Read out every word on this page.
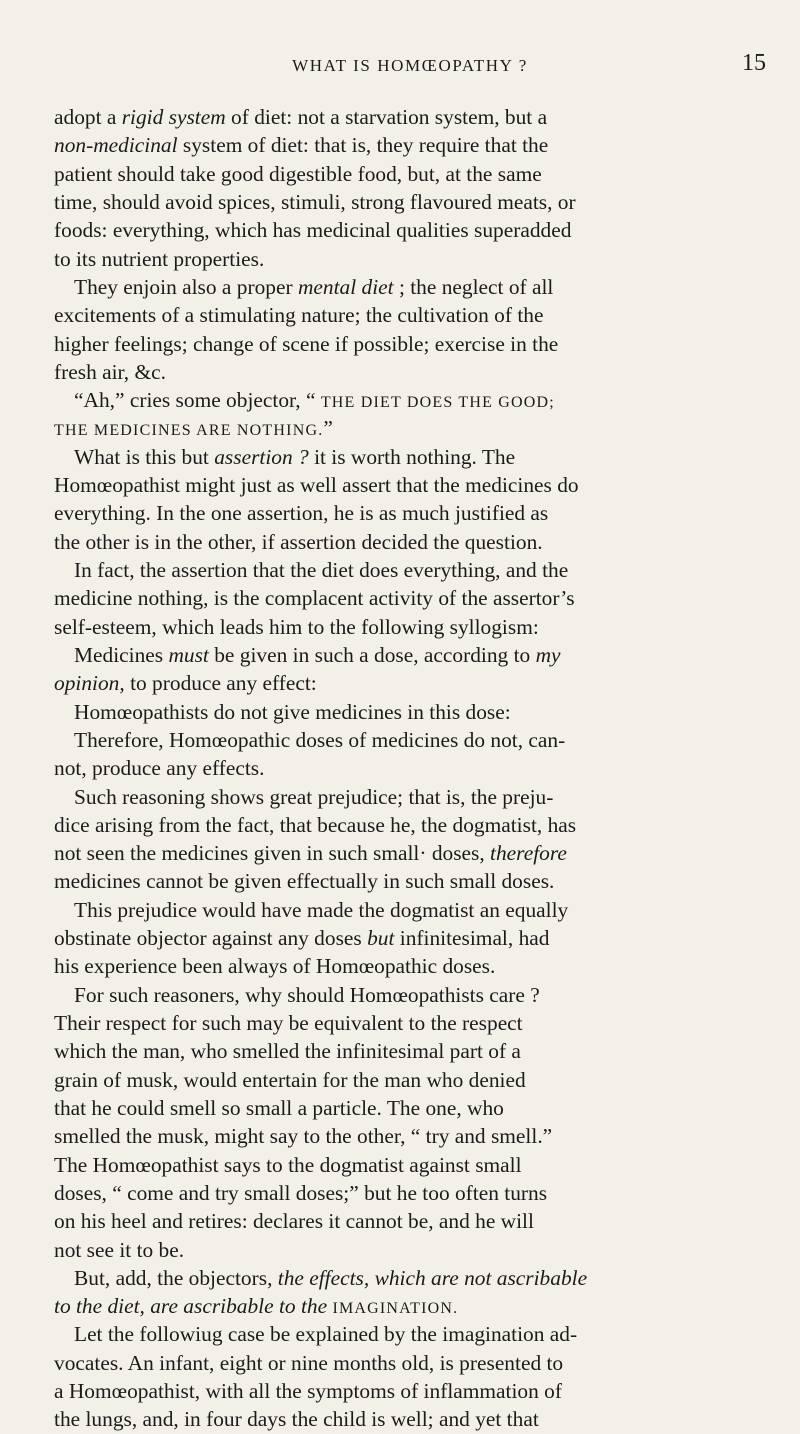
WHAT IS HOMŒOPATHY ?	15
adopt a rigid system of diet: not a starvation system, but a
non-medicinal system of diet: that is, they require that the
patient should take good digestible food, but, at the same
time, should avoid spices, stimuli, strong flavoured meats, or
foods: everything, which has medicinal qualities superadded
to its nutrient properties.
They enjoin also a proper mental diet ; the neglect of all
excitements of a stimulating nature; the cultivation of the
higher feelings; change of scene if possible; exercise in the
fresh air, &c.
“Ah,” cries some objector, “ THE DIET DOES THE GOOD;
THE MEDICINES ARE NOTHING.”
What is this but assertion ? it is worth nothing. The
Homœopathist might just as well assert that the medicines do
everything. In the one assertion, he is as much justified as
the other is in the other, if assertion decided the question.
In fact, the assertion that the diet does everything, and the
medicine nothing, is the complacent activity of the assertor’s
self-esteem, which leads him to the following syllogism:
Medicines must be given in such a dose, according to my
opinion, to produce any effect:
Homœopathists do not give medicines in this dose:
Therefore, Homœopathic doses of medicines do not, can-
not, produce any effects.
Such reasoning shows great prejudice; that is, the preju-
dice arising from the fact, that because he, the dogmatist, has
not seen the medicines given in such small· doses, therefore
medicines cannot be given effectually in such small doses.
This prejudice would have made the dogmatist an equally
obstinate objector against any doses but infinitesimal, had
his experience been always of Homœopathic doses.
For such reasoners, why should Homœopathists care ?
Their respect for such may be equivalent to the respect
which the man, who smelled the infinitesimal part of a
grain of musk, would entertain for the man who denied
that he could smell so small a particle. The one, who
smelled the musk, might say to the other, “ try and smell.”
The Homœopathist says to the dogmatist against small
doses, “ come and try small doses;” but he too often turns
on his heel and retires: declares it cannot be, and he will
not see it to be.
But, add, the objectors, the effects, which are not ascribable
to the diet, are ascribable to the IMAGINATION.
Let the followiug case be explained by the imagination ad-
vocates. An infant, eight or nine months old, is presented to
a Homœopathist, with all the symptoms of inflammation of
the lungs, and, in four days the child is well; and yet that
